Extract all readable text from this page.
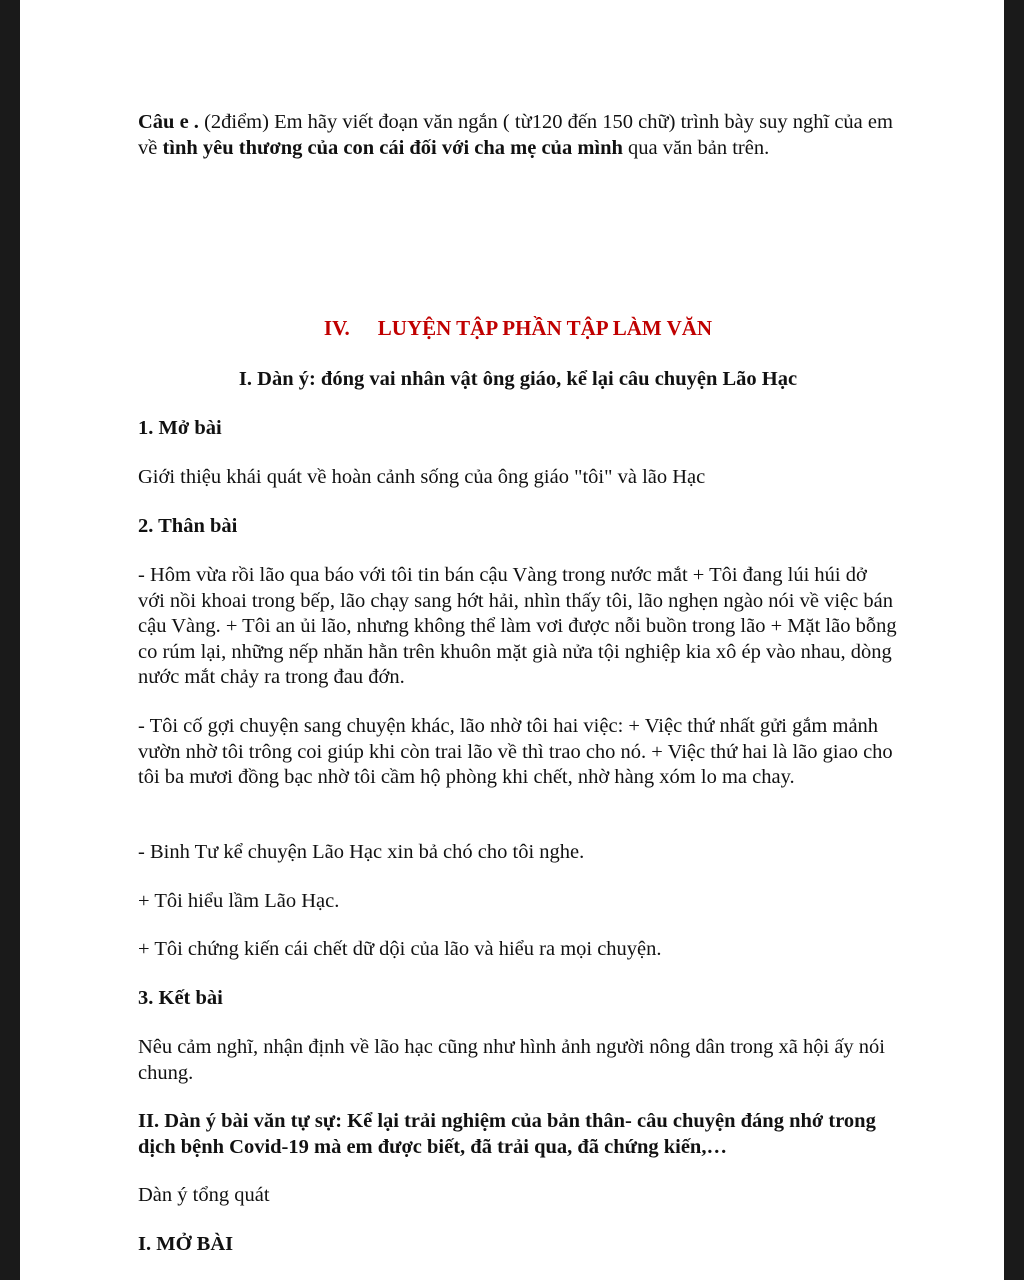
Câu e . (2điểm) Em hãy viết đoạn văn ngắn ( từ120 đến 150 chữ) trình bày suy nghĩ của em về tình yêu thương của con cái đối với cha mẹ của mình qua văn bản trên.

IV. LUYỆN TẬP PHẦN TẬP LÀM VĂN

I. Dàn ý: đóng vai nhân vật ông giáo, kể lại câu chuyện Lão Hạc

1. Mở bài

Giới thiệu khái quát về hoàn cảnh sống của ông giáo "tôi" và lão Hạc

2. Thân bài

- Hôm vừa rồi lão qua báo với tôi tin bán cậu Vàng trong nước mắt + Tôi đang lúi húi dở với nồi khoai trong bếp, lão chạy sang hớt hải, nhìn thấy tôi, lão nghẹn ngào nói về việc bán cậu Vàng. + Tôi an ủi lão, nhưng không thể làm vơi được nỗi buồn trong lão + Mặt lão bỗng co rúm lại, những nếp nhăn hằn trên khuôn mặt già nửa tội nghiệp kia xô ép vào nhau, dòng nước mắt chảy ra trong đau đớn.

- Tôi cố gợi chuyện sang chuyện khác, lão nhờ tôi hai việc: + Việc thứ nhất gửi gắm mảnh vườn nhờ tôi trông coi giúp khi còn trai lão về thì trao cho nó. + Việc thứ hai là lão giao cho tôi ba mươi đồng bạc nhờ tôi cầm hộ phòng khi chết, nhờ hàng xóm lo ma chay.

- Binh Tư kể chuyện Lão Hạc xin bả chó cho tôi nghe.

+ Tôi hiểu lầm Lão Hạc.

+ Tôi chứng kiến cái chết dữ dội của lão và hiểu ra mọi chuyện.

3. Kết bài

Nêu cảm nghĩ, nhận định về lão hạc cũng như hình ảnh người nông dân trong xã hội ấy nói chung.

II. Dàn ý bài văn tự sự: Kể lại trải nghiệm của bản thân- câu chuyện đáng nhớ trong dịch bệnh Covid-19 mà em được biết, đã trải qua, đã chứng kiến,…

Dàn ý tổng quát

I. MỞ BÀI
